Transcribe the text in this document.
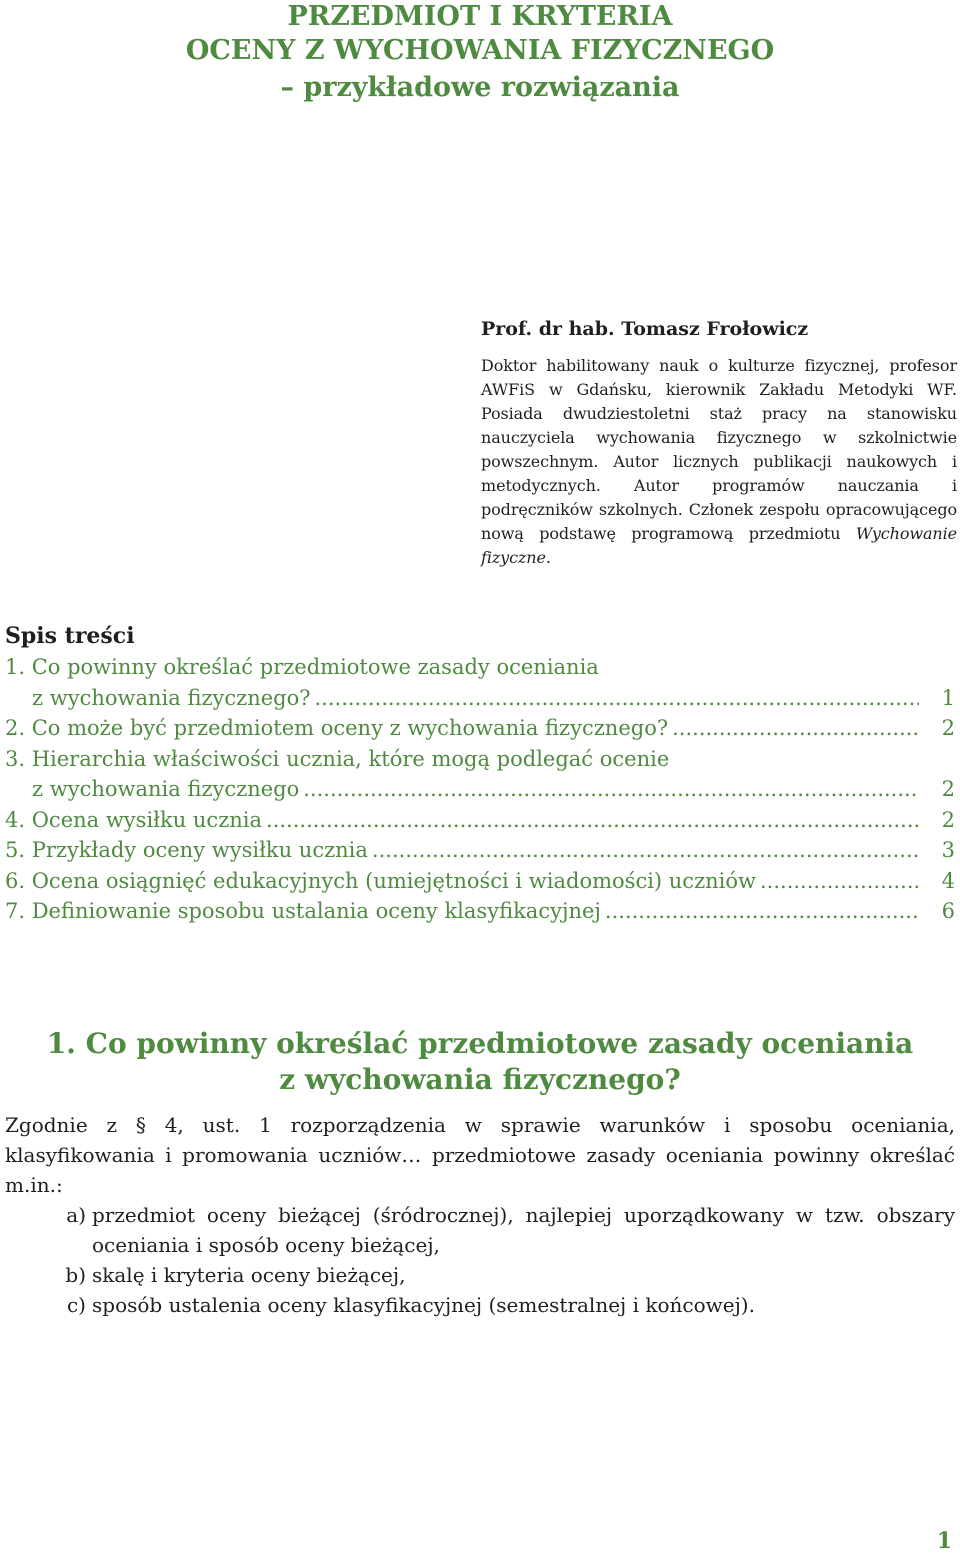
PRZEDMIOT I KRYTERIA
OCENY Z WYCHOWANIA FIZYCZNEGO
– przykładowe rozwiązania
Prof. dr hab. Tomasz Frołowicz
Doktor habilitowany nauk o kulturze fizycznej, profesor AWFiS w Gdańsku, kierownik Zakładu Metodyki WF. Posiada dwudziestoletni staż pracy na stanowisku nauczyciela wychowania fizycznego w szkolnictwie powszechnym. Autor licznych publikacji naukowych i metodycznych. Autor programów nauczania i podręczników szkolnych. Członek zespołu opracowującego nową podstawę programową przedmiotu Wychowanie fizyczne.
Spis treści
1. Co powinny określać przedmiotowe zasady oceniania
z wychowania fizycznego? .....	1
2. Co może być przedmiotem oceny z wychowania fizycznego? .....	2
3. Hierarchia właściwości ucznia, które mogą podlegać ocenie
z wychowania fizycznego .....	2
4. Ocena wysiłku ucznia .....	2
5. Przykłady oceny wysiłku ucznia .....	3
6. Ocena osiągnięć edukacyjnych (umiejętności i wiadomości) uczniów .....	4
7. Definiowanie sposobu ustalania oceny klasyfikacyjnej .....	6
1. Co powinny określać przedmiotowe zasady oceniania
z wychowania fizycznego?
Zgodnie z § 4, ust. 1 rozporządzenia w sprawie warunków i sposobu oceniania, klasyfikowania i promowania uczniów… przedmiotowe zasady oceniania powinny określać m.in.:
a) przedmiot oceny bieżącej (śródrocznej), najlepiej uporządkowany w tzw. obszary oceniania i sposób oceny bieżącej,
b) skalę i kryteria oceny bieżącej,
c) sposób ustalenia oceny klasyfikacyjnej (semestralnej i końcowej).
1
